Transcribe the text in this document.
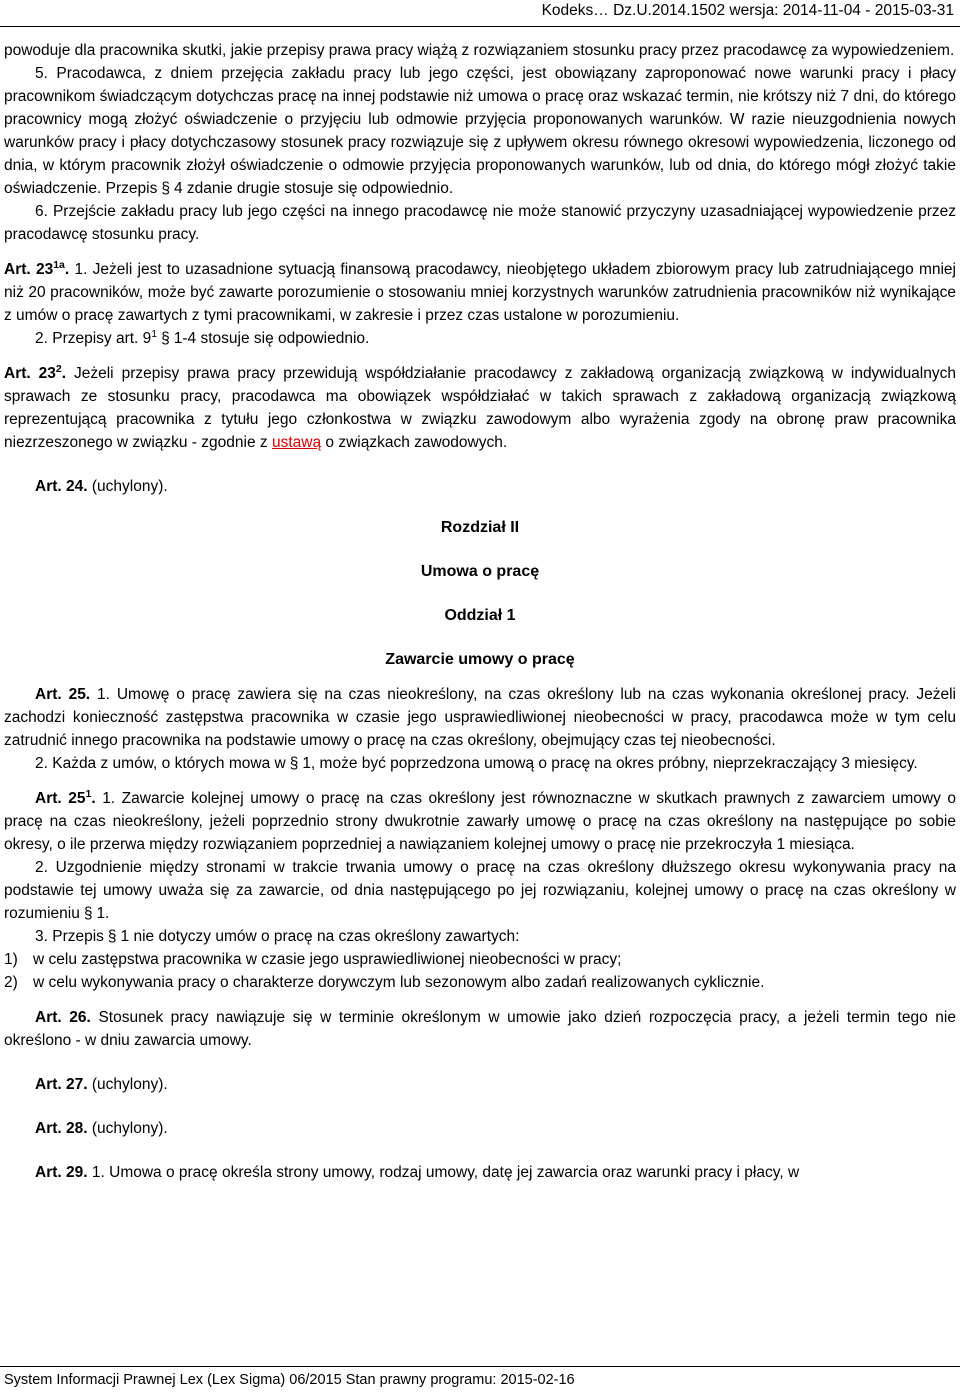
Kodeks… Dz.U.2014.1502 wersja: 2014-11-04 - 2015-03-31

powoduje dla pracownika skutki, jakie przepisy prawa pracy wiążą z rozwiązaniem stosunku pracy przez pracodawcę za wypowiedzeniem.

5. Pracodawca, z dniem przejęcia zakładu pracy lub jego części, jest obowiązany zaproponować nowe warunki pracy i płacy pracownikom świadczącym dotychczas pracę na innej podstawie niż umowa o pracę oraz wskazać termin, nie krótszy niż 7 dni, do którego pracownicy mogą złożyć oświadczenie o przyjęciu lub odmowie przyjęcia proponowanych warunków. W razie nieuzgodnienia nowych warunków pracy i płacy dotychczasowy stosunek pracy rozwiązuje się z upływem okresu równego okresowi wypowiedzenia, liczonego od dnia, w którym pracownik złożył oświadczenie o odmowie przyjęcia proponowanych warunków, lub od dnia, do którego mógł złożyć takie oświadczenie. Przepis § 4 zdanie drugie stosuje się odpowiednio.

6. Przejście zakładu pracy lub jego części na innego pracodawcę nie może stanowić przyczyny uzasadniającej wypowiedzenie przez pracodawcę stosunku pracy.

Art. $23^{1a}$. 1. Jeżeli jest to uzasadnione sytuacją finansową pracodawcy, nieobjętego układem zbiorowym pracy lub zatrudniającego mniej niż 20 pracowników, może być zawarte porozumienie o stosowaniu mniej korzystnych warunków zatrudnienia pracowników niż wynikające z umów o pracę zawartych z tymi pracownikami, w zakresie i przez czas ustalone w porozumieniu.

2. Przepisy art. $9^1$ § 1-4 stosuje się odpowiednio.

Art. $23^2$. Jeżeli przepisy prawa pracy przewidują współdziałanie pracodawcy z zakładową organizacją związkową w indywidualnych sprawach ze stosunku pracy, pracodawca ma obowiązek współdziałać w takich sprawach z zakładową organizacją związkową reprezentującą pracownika z tytułu jego członkostwa w związku zawodowym albo wyrażenia zgody na obronę praw pracownika niezrzeszonego w związku - zgodnie z ustawą o związkach zawodowych.

Art. 24. (uchylony).

Rozdział II

Umowa o pracę

Oddział 1

Zawarcie umowy o pracę

Art. 25. 1. Umowę o pracę zawiera się na czas nieokreślony, na czas określony lub na czas wykonania określonej pracy. Jeżeli zachodzi konieczność zastępstwa pracownika w czasie jego usprawiedliwionej nieobecności w pracy, pracodawca może w tym celu zatrudnić innego pracownika na podstawie umowy o pracę na czas określony, obejmujący czas tej nieobecności.

2. Każda z umów, o których mowa w § 1, może być poprzedzona umową o pracę na okres próbny, nieprzekraczający 3 miesięcy.

Art. $25^1$. 1. Zawarcie kolejnej umowy o pracę na czas określony jest równoznaczne w skutkach prawnych z zawarciem umowy o pracę na czas nieokreślony, jeżeli poprzednio strony dwukrotnie zawarły umowę o pracę na czas określony na następujące po sobie okresy, o ile przerwa między rozwiązaniem poprzedniej a nawiązaniem kolejnej umowy o pracę nie przekroczyła 1 miesiąca.

2. Uzgodnienie między stronami w trakcie trwania umowy o pracę na czas określony dłuższego okresu wykonywania pracy na podstawie tej umowy uważa się za zawarcie, od dnia następującego po jej rozwiązaniu, kolejnej umowy o pracę na czas określony w rozumieniu § 1.

3. Przepis § 1 nie dotyczy umów o pracę na czas określony zawartych:

1) w celu zastępstwa pracownika w czasie jego usprawiedliwionej nieobecności w pracy;

2) w celu wykonywania pracy o charakterze dorywczym lub sezonowym albo zadań realizowanych cyklicznie.

Art. 26. Stosunek pracy nawiązuje się w terminie określonym w umowie jako dzień rozpoczęcia pracy, a jeżeli termin tego nie określono - w dniu zawarcia umowy.

Art. 27. (uchylony).

Art. 28. (uchylony).

Art. 29. 1. Umowa o pracę określa strony umowy, rodzaj umowy, datę jej zawarcia oraz warunki pracy i płacy, w

System Informacji Prawnej Lex (Lex Sigma) 06/2015 Stan prawny programu: 2015-02-16
